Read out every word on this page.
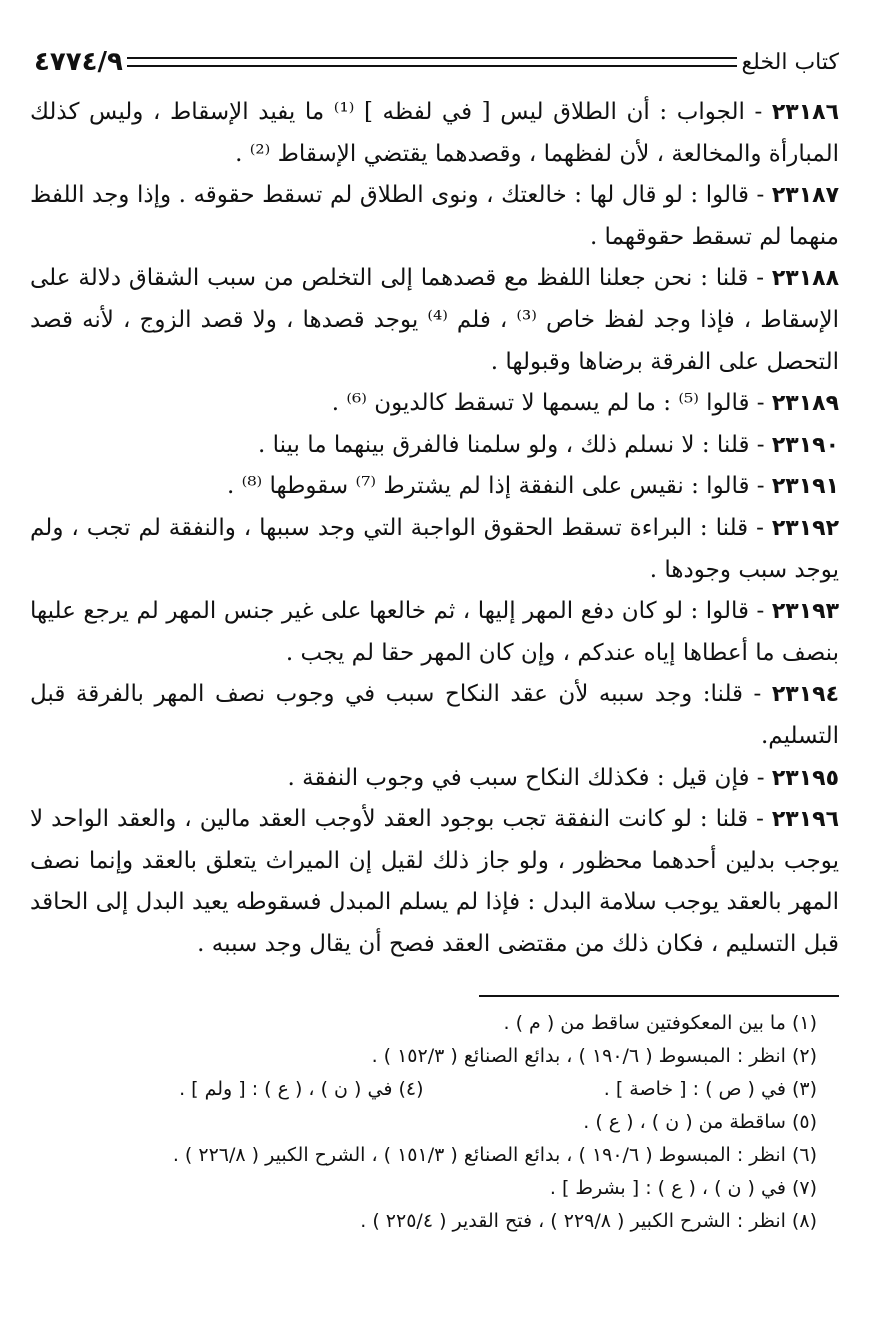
كتاب الخلع
٤٧٧٤/٩

٢٣١٨٦ - الجواب : أن الطلاق ليس [ في لفظه ] ⁽¹⁾ ما يفيد الإسقاط ، وليس كذلك المبارأة والمخالعة ، لأن لفظهما ، وقصدهما يقتضي الإسقاط ⁽²⁾ .

٢٣١٨٧ - قالوا : لو قال لها : خالعتك ، ونوى الطلاق لم تسقط حقوقه . وإذا وجد اللفظ منهما لم تسقط حقوقهما .

٢٣١٨٨ - قلنا : نحن جعلنا اللفظ مع قصدهما إلى التخلص من سبب الشقاق دلالة على الإسقاط ، فإذا وجد لفظ خاص ⁽³⁾ ، فلم ⁽⁴⁾ يوجد قصدها ، ولا قصد الزوج ، لأنه قصد التحصل على الفرقة برضاها وقبولها .

٢٣١٨٩ - قالوا ⁽⁵⁾ : ما لم يسمها لا تسقط كالديون ⁽⁶⁾ .

٢٣١٩٠ - قلنا : لا نسلم ذلك ، ولو سلمنا فالفرق بينهما ما بينا .

٢٣١٩١ - قالوا : نقيس على النفقة إذا لم يشترط ⁽⁷⁾ سقوطها ⁽⁸⁾ .

٢٣١٩٢ - قلنا : البراءة تسقط الحقوق الواجبة التي وجد سببها ، والنفقة لم تجب ، ولم يوجد سبب وجودها .

٢٣١٩٣ - قالوا : لو كان دفع المهر إليها ، ثم خالعها على غير جنس المهر لم يرجع عليها بنصف ما أعطاها إياه عندكم ، وإن كان المهر حقا لم يجب .

٢٣١٩٤ - قلنا: وجد سببه لأن عقد النكاح سبب في وجوب نصف المهر بالفرقة قبل التسليم.

٢٣١٩٥ - فإن قيل : فكذلك النكاح سبب في وجوب النفقة .

٢٣١٩٦ - قلنا : لو كانت النفقة تجب بوجود العقد لأوجب العقد مالين ، والعقد الواحد لا يوجب بدلين أحدهما محظور ، ولو جاز ذلك لقيل إن الميراث يتعلق بالعقد وإنما نصف المهر بالعقد يوجب سلامة البدل : فإذا لم يسلم المبدل فسقوطه يعيد البدل إلى الحاقد قبل التسليم ، فكان ذلك من مقتضى العقد فصح أن يقال وجد سببه .

(١) ما بين المعكوفتين ساقط من ( م ) .

(٢) انظر : المبسوط ( ١٩٠/٦ ) ، بدائع الصنائع ( ١٥٢/٣ ) .

(٣) في ( ص ) : [ خاصة ] .

(٤) في ( ن ) ، ( ع ) : [ ولم ] .

(٥) ساقطة من ( ن ) ، ( ع ) .

(٦) انظر : المبسوط ( ١٩٠/٦ ) ، بدائع الصنائع ( ١٥١/٣ ) ، الشرح الكبير ( ٢٢٦/٨ ) .

(٧) في ( ن ) ، ( ع ) : [ بشرط ] .

(٨) انظر : الشرح الكبير ( ٢٢٩/٨ ) ، فتح القدير ( ٢٢٥/٤ ) .
